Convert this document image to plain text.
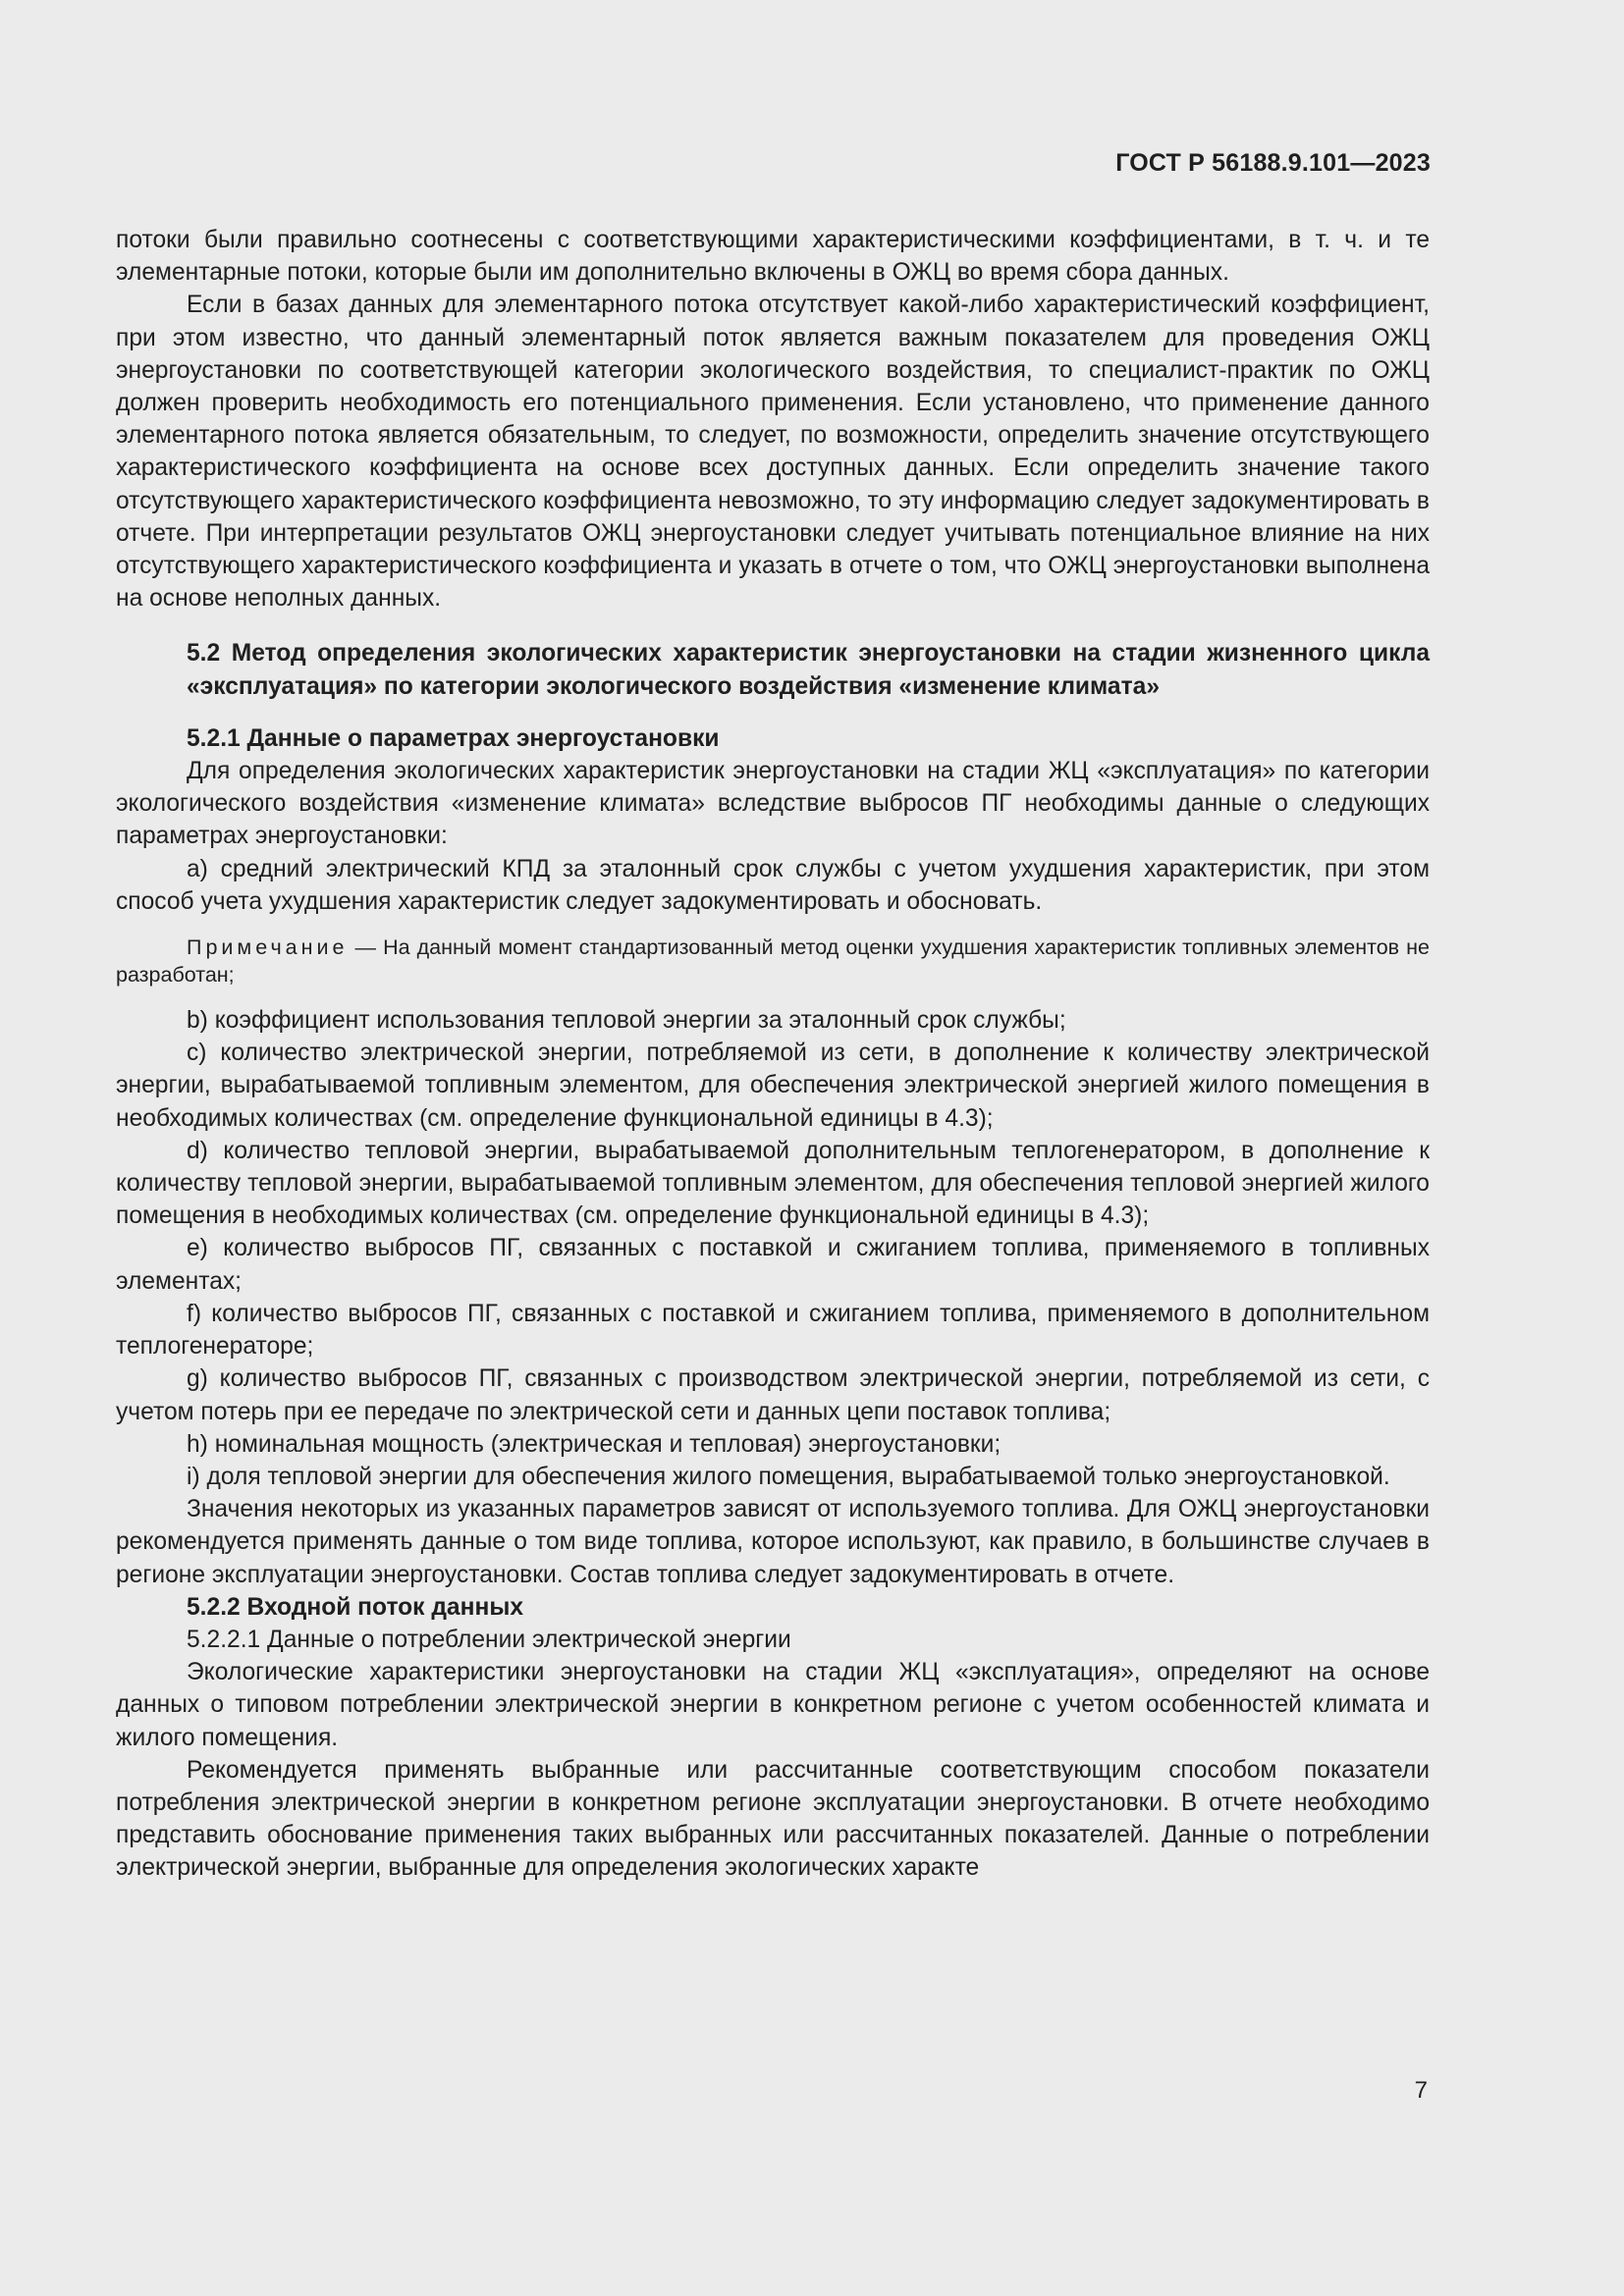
ГОСТ Р 56188.9.101—2023

потоки были правильно соотнесены с соответствующими характеристическими коэффициентами, в т. ч. и те элементарные потоки, которые были им дополнительно включены в ОЖЦ во время сбора данных.

Если в базах данных для элементарного потока отсутствует какой-либо характеристический коэффициент, при этом известно, что данный элементарный поток является важным показателем для проведения ОЖЦ энергоустановки по соответствующей категории экологического воздействия, то специалист-практик по ОЖЦ должен проверить необходимость его потенциального применения. Если установлено, что применение данного элементарного потока является обязательным, то следует, по возможности, определить значение отсутствующего характеристического коэффициента на основе всех доступных данных. Если определить значение такого отсутствующего характеристического коэффициента невозможно, то эту информацию следует задокументировать в отчете. При интерпретации результатов ОЖЦ энергоустановки следует учитывать потенциальное влияние на них отсутствующего характеристического коэффициента и указать в отчете о том, что ОЖЦ энергоустановки выполнена на основе неполных данных.

5.2 Метод определения экологических характеристик энергоустановки на стадии жизненного цикла «эксплуатация» по категории экологического воздействия «изменение климата»

5.2.1 Данные о параметрах энергоустановки

Для определения экологических характеристик энергоустановки на стадии ЖЦ «эксплуатация» по категории экологического воздействия «изменение климата» вследствие выбросов ПГ необходимы данные о следующих параметрах энергоустановки:

a) средний электрический КПД за эталонный срок службы с учетом ухудшения характеристик, при этом способ учета ухудшения характеристик следует задокументировать и обосновать.

Примечание — На данный момент стандартизованный метод оценки ухудшения характеристик топливных элементов не разработан;

b) коэффициент использования тепловой энергии за эталонный срок службы;

c) количество электрической энергии, потребляемой из сети, в дополнение к количеству электрической энергии, вырабатываемой топливным элементом, для обеспечения электрической энергией жилого помещения в необходимых количествах (см. определение функциональной единицы в 4.3);

d) количество тепловой энергии, вырабатываемой дополнительным теплогенератором, в дополнение к количеству тепловой энергии, вырабатываемой топливным элементом, для обеспечения тепловой энергией жилого помещения в необходимых количествах (см. определение функциональной единицы в 4.3);

e) количество выбросов ПГ, связанных с поставкой и сжиганием топлива, применяемого в топливных элементах;

f) количество выбросов ПГ, связанных с поставкой и сжиганием топлива, применяемого в дополнительном теплогенераторе;

g) количество выбросов ПГ, связанных с производством электрической энергии, потребляемой из сети, с учетом потерь при ее передаче по электрической сети и данных цепи поставок топлива;

h) номинальная мощность (электрическая и тепловая) энергоустановки;

i) доля тепловой энергии для обеспечения жилого помещения, вырабатываемой только энергоустановкой.

Значения некоторых из указанных параметров зависят от используемого топлива. Для ОЖЦ энергоустановки рекомендуется применять данные о том виде топлива, которое используют, как правило, в большинстве случаев в регионе эксплуатации энергоустановки. Состав топлива следует задокументировать в отчете.

5.2.2 Входной поток данных

5.2.2.1 Данные о потреблении электрической энергии

Экологические характеристики энергоустановки на стадии ЖЦ «эксплуатация», определяют на основе данных о типовом потреблении электрической энергии в конкретном регионе с учетом особенностей климата и жилого помещения.

Рекомендуется применять выбранные или рассчитанные соответствующим способом показатели потребления электрической энергии в конкретном регионе эксплуатации энергоустановки. В отчете необходимо представить обоснование применения таких выбранных или рассчитанных показателей. Данные о потреблении электрической энергии, выбранные для определения экологических характе

7
